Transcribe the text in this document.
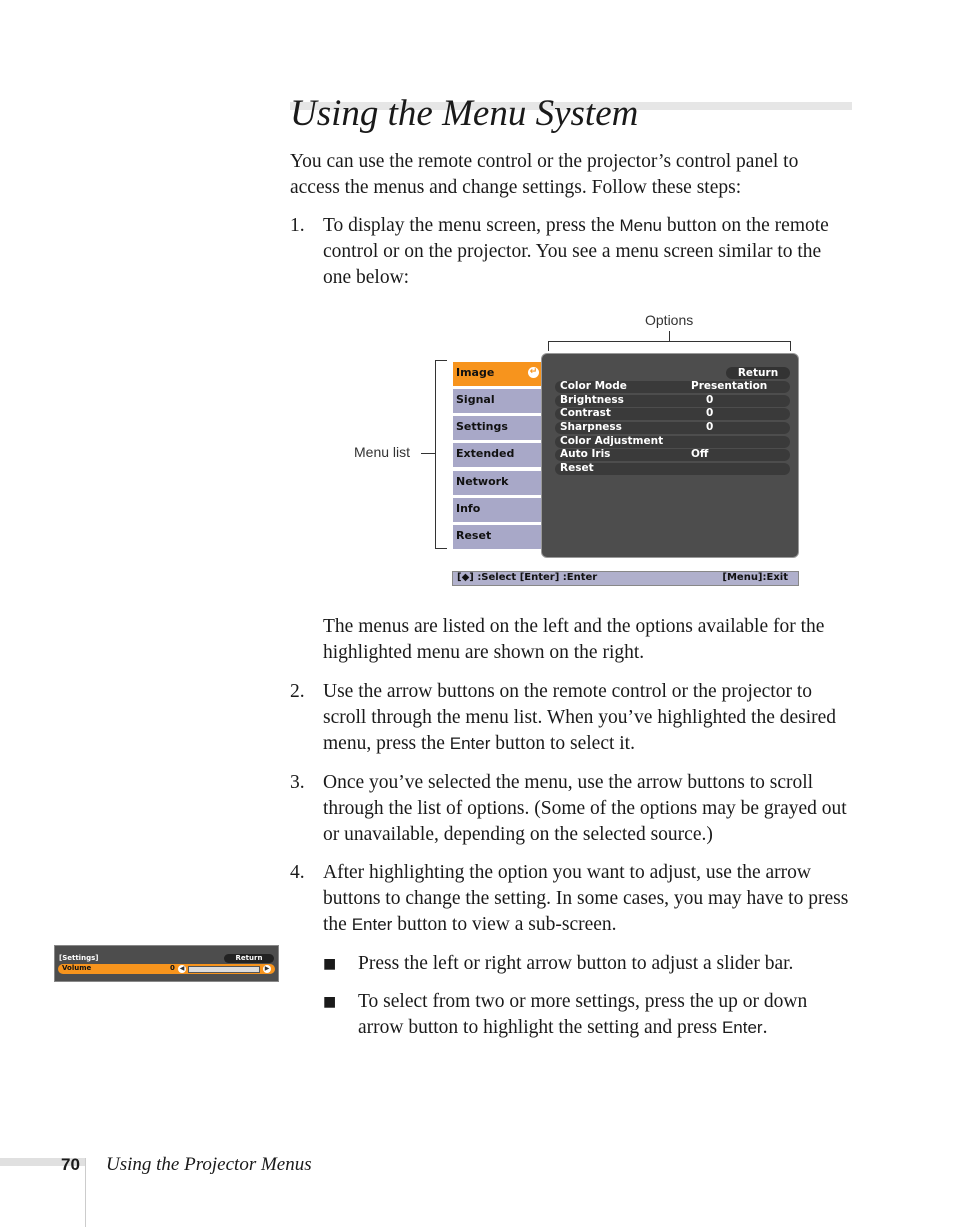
Using the Menu System

You can use the remote control or the projector’s control panel to access the menus and change settings. Follow these steps:

1. To display the menu screen, press the Menu button on the remote control or on the projector. You see a menu screen similar to the one below:

Options
Menu list
Image	↵
Signal
Settings
Extended
Network
Info
Reset
Return
Color Mode	Presentation
Brightness	0
Contrast	0
Sharpness	0
Color Adjustment
Auto Iris	Off
Reset
[◆] :Select [Enter] :Enter	[Menu]:Exit

The menus are listed on the left and the options available for the highlighted menu are shown on the right.

2. Use the arrow buttons on the remote control or the projector to scroll through the menu list. When you’ve highlighted the desired menu, press the Enter button to select it.

3. Once you’ve selected the menu, use the arrow buttons to scroll through the list of options. (Some of the options may be grayed out or unavailable, depending on the selected source.)

4. After highlighting the option you want to adjust, use the arrow buttons to change the setting. In some cases, you may have to press the Enter button to view a sub-screen.

[Settings]	Return
Volume	0 ◀	▶	■ Press the left or right arrow button to adjust a slider bar.

■ To select from two or more settings, press the up or down arrow button to highlight the setting and press Enter.

70 Using the Projector Menus
